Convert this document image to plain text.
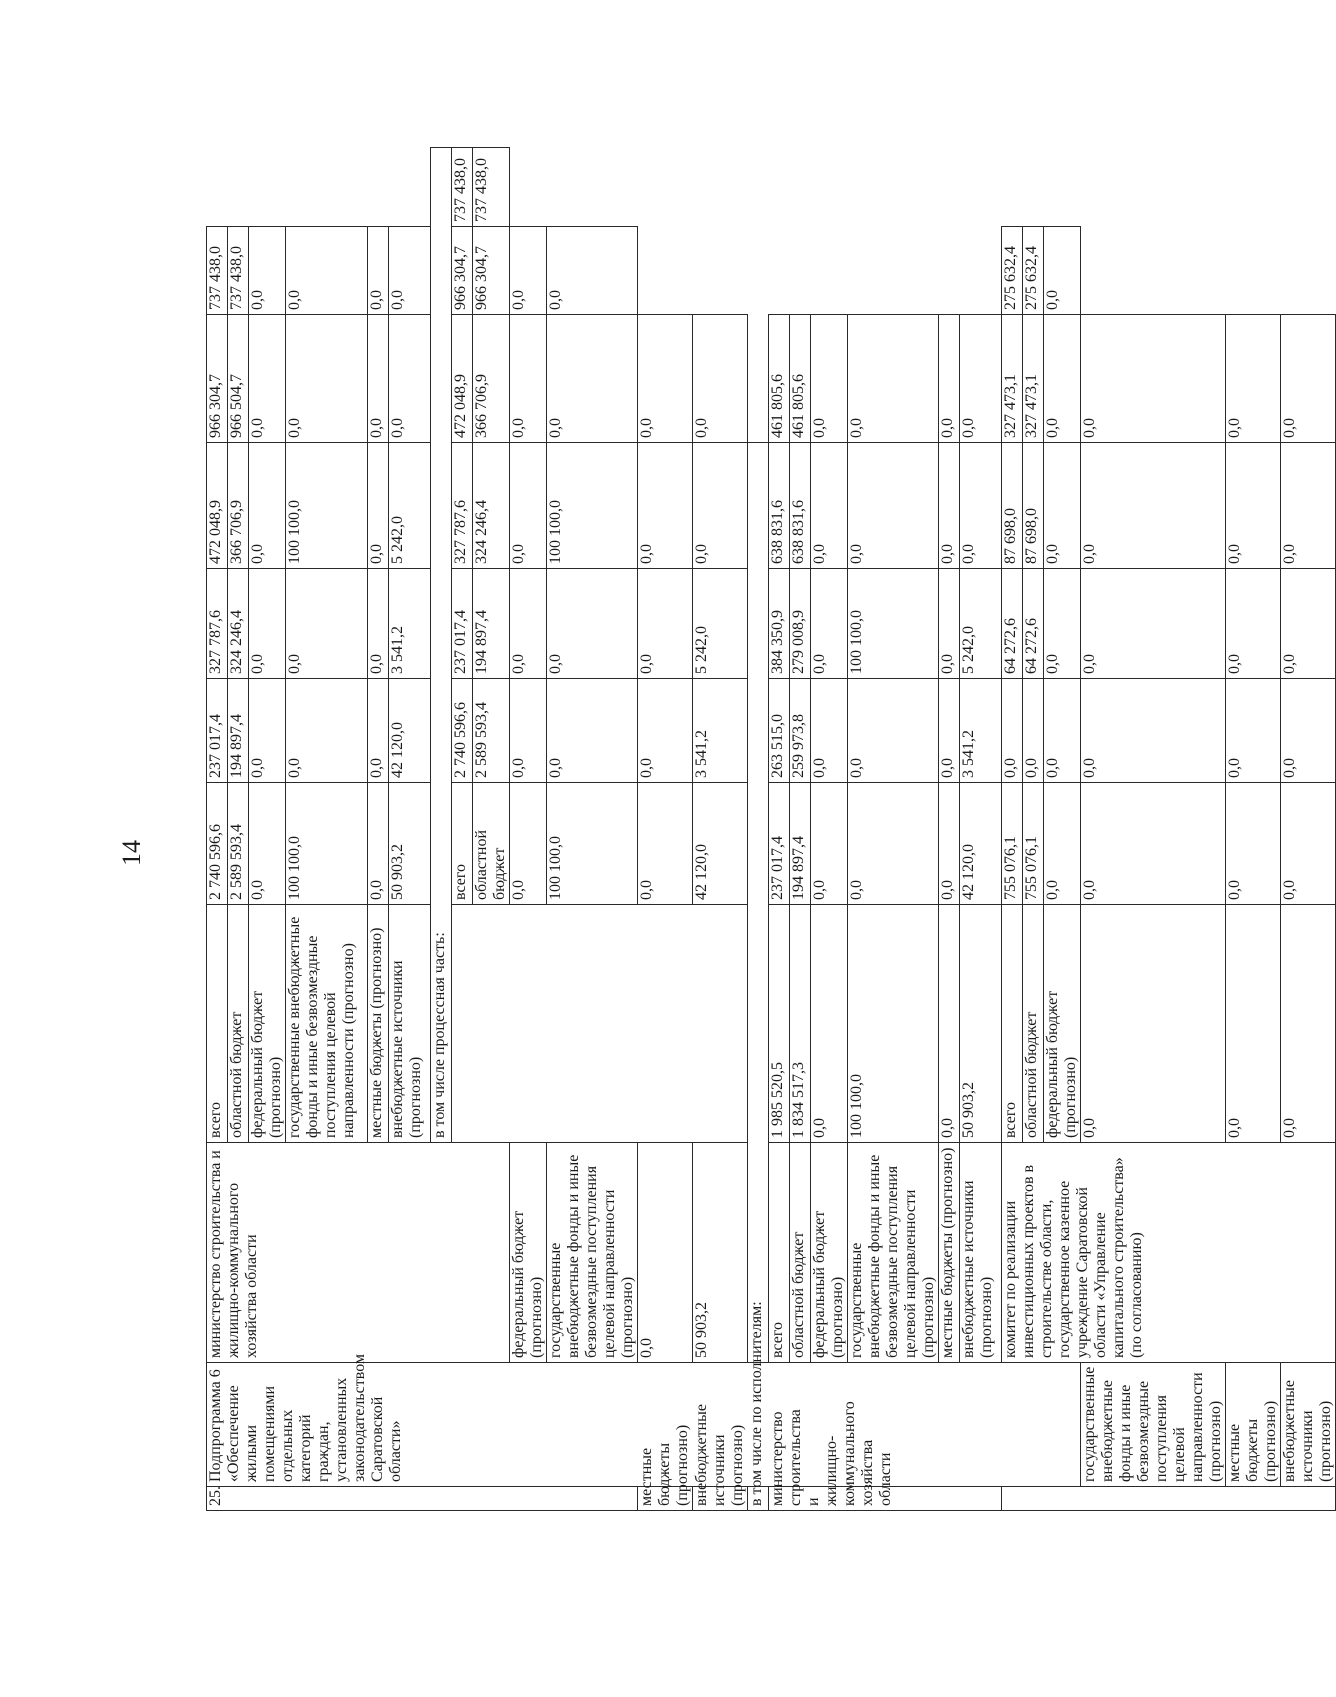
14
25.	Подпрограмма 6 «Обеспечение жилыми помещениями отдельных категорий граждан, установленных законодательством Саратовской области»	министерство строительства и жилищно-коммунального хозяйства области	всего	2 740 596,6	237 017,4	327 787,6	472 048,9	966 304,7	737 438,0	
			областной бюджет	2 589 593,4	194 897,4	324 246,4	366 706,9	966 504,7	737 438,0	
			федеральный бюджет (прогнозно)	0,0	0,0	0,0	0,0	0,0	0,0	
			государственные внебюджетные фонды и иные безвозмездные поступления целевой направленности (прогнозно)	100 100,0	0,0	0,0	100 100,0	0,0	0,0	
			местные бюджеты (прогнозно)	0,0	0,0	0,0	0,0	0,0	0,0	
			внебюджетные источники (прогнозно)	50 903,2	42 120,0	3 541,2	5 242,0	0,0	0,0	
			в том числе процессная часть:							
				всего	2 740 596,6	237 017,4	327 787,6	472 048,9	966 304,7	737 438,0
				областной бюджет	2 589 593,4	194 897,4	324 246,4	366 706,9	966 304,7	737 438,0
		федеральный бюджет (прогнозно)		0,0	0,0	0,0	0,0	0,0	0,0	
		государственные внебюджетные фонды и иные безвозмездные поступления целевой направленности (прогнозно)		100 100,0	0,0	0,0	100 100,0	0,0	0,0	
местные бюджеты (прогнозно)		0,0		0,0	0,0	0,0	0,0	0,0		
внебюджетные источники (прогнозно)		50 903,2		42 120,0	3 541,2	5 242,0	0,0	0,0		
в том числе по исполнителям:										
министерство строительства и жилищно-коммунального хозяйства области		всего	1 985 520,5	237 017,4	263 515,0	384 350,9	638 831,6	461 805,6		
		областной бюджет	1 834 517,3	194 897,4	259 973,8	279 008,9	638 831,6	461 805,6		
		федеральный бюджет (прогнозно)	0,0	0,0	0,0	0,0	0,0	0,0		
		государственные внебюджетные фонды и иные безвозмездные поступления целевой направленности (прогнозно)	100 100,0	0,0	0,0	100 100,0	0,0	0,0		
		местные бюджеты (прогнозно)	0,0	0,0	0,0	0,0	0,0	0,0		
		внебюджетные источники (прогнозно)	50 903,2	42 120,0	3 541,2	5 242,0	0,0	0,0		
		комитет по реализации инвестиционных проектов в строительстве области, государственное казенное учреждение Саратовской области «Управление капитального строительства» (по согласованию)	всего	755 076,1	0,0	64 272,6	87 698,0	327 473,1	275 632,4	
			областной бюджет	755 076,1	0,0	64 272,6	87 698,0	327 473,1	275 632,4	
			федеральный бюджет (прогнозно)	0,0	0,0	0,0	0,0	0,0	0,0	
	государственные внебюджетные фонды и иные безвозмездные поступления целевой направленности (прогнозно)		0,0	0,0	0,0	0,0	0,0	0,0		
	местные бюджеты (прогнозно)		0,0	0,0	0,0	0,0	0,0	0,0		
	внебюджетные источники (прогнозно)		0,0	0,0	0,0	0,0	0,0	0,0		
